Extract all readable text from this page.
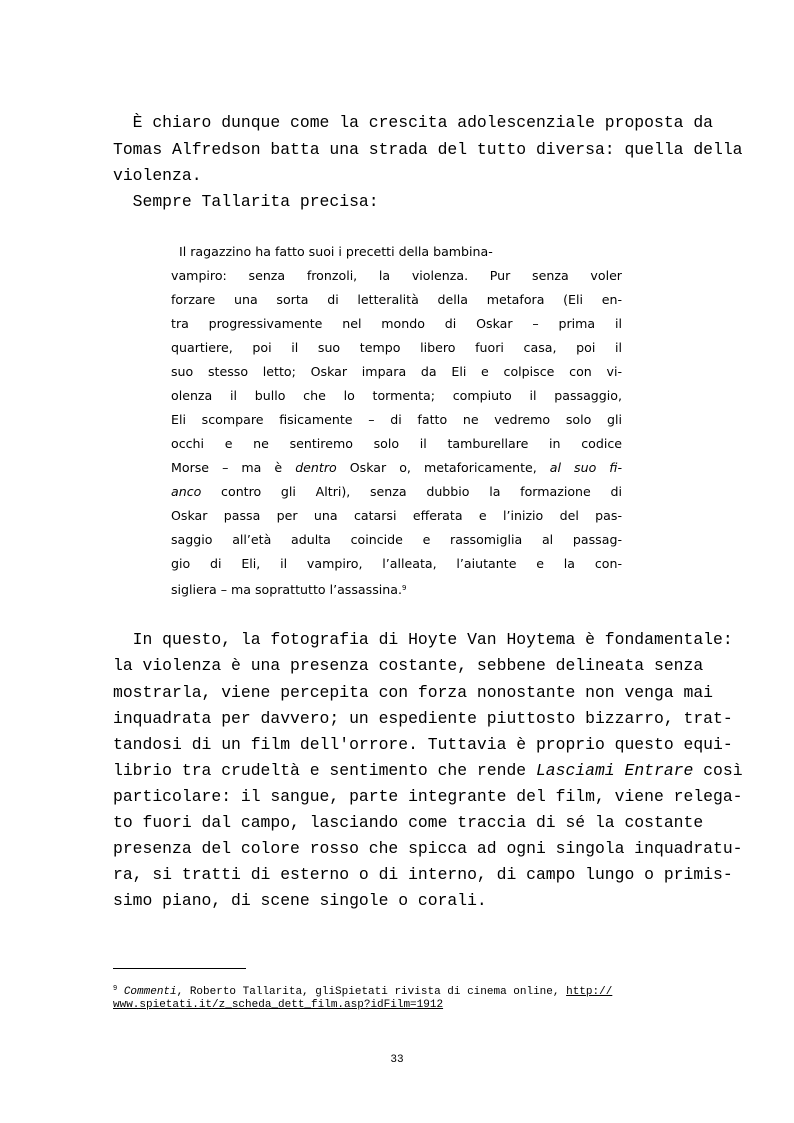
È chiaro dunque come la crescita adolescenziale proposta da
Tomas Alfredson batta una strada del tutto diversa: quella della
violenza.
Sempre Tallarita precisa:
Il ragazzino ha fatto suoi i precetti della bambina-
vampiro: senza fronzoli, la violenza. Pur senza voler
forzare una sorta di letteralità della metafora (Eli en-
tra progressivamente nel mondo di Oskar – prima il
quartiere, poi il suo tempo libero fuori casa, poi il
suo stesso letto; Oskar impara da Eli e colpisce con vi-
olenza il bullo che lo tormenta; compiuto il passaggio,
Eli scompare fisicamente – di fatto ne vedremo solo gli
occhi e ne sentiremo solo il tamburellare in codice
Morse – ma è dentro Oskar o, metaforicamente, al suo fi-
anco contro gli Altri), senza dubbio la formazione di
Oskar passa per una catarsi efferata e l’inizio del pas-
saggio all’età adulta coincide e rassomiglia al passag-
gio di Eli, il vampiro, l’alleata, l’aiutante e la con-
sigliera – ma soprattutto l’assassina.$^9$
In questo, la fotografia di Hoyte Van Hoytema è fondamentale:
la violenza è una presenza costante, sebbene delineata senza
mostrarla, viene percepita con forza nonostante non venga mai
inquadrata per davvero; un espediente piuttosto bizzarro, trat-
tandosi di un film dell'orrore. Tuttavia è proprio questo equi-
librio tra crudeltà e sentimento che rende Lasciami Entrare così
particolare: il sangue, parte integrante del film, viene relega-
to fuori dal campo, lasciando come traccia di sé la costante
presenza del colore rosso che spicca ad ogni singola inquadratu-
ra, si tratti di esterno o di interno, di campo lungo o primis-
simo piano, di scene singole o corali.
$^9$ Commenti, Roberto Tallarita, gliSpietati rivista di cinema online, http://
www.spietati.it/z_scheda_dett_film.asp?idFilm=1912
33
